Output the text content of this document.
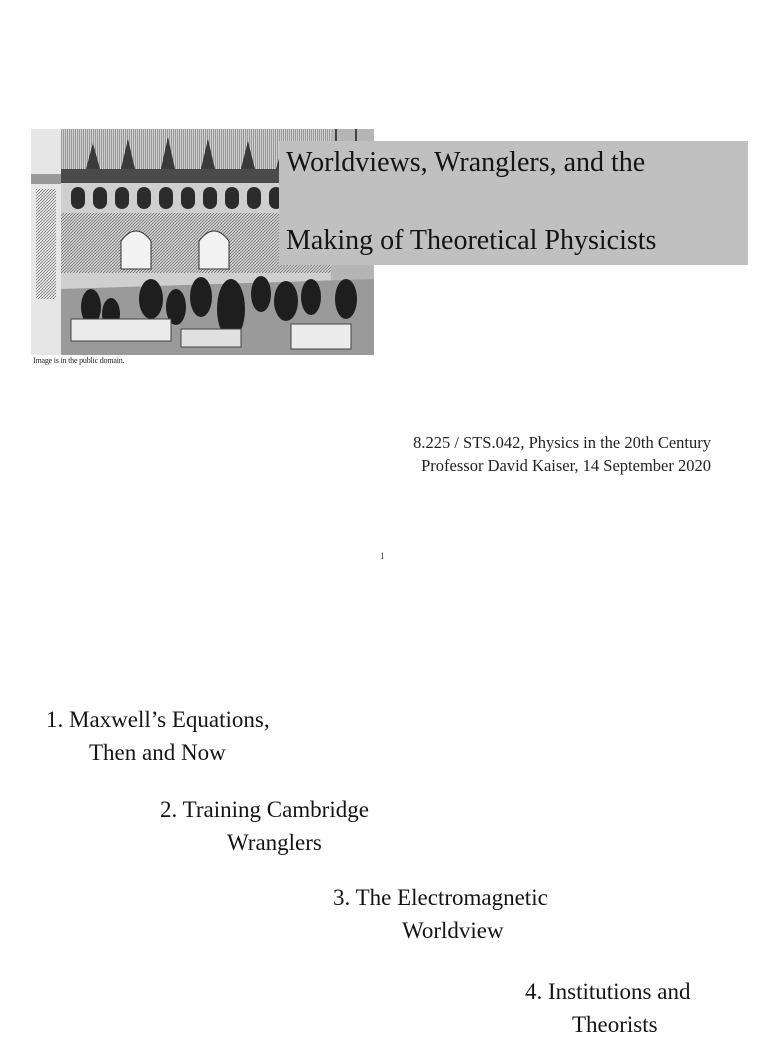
Image is in the public domain.
Worldviews, Wranglers, and the
Making of Theoretical Physicists
8.225 / STS.042, Physics in the 20th Century
Professor David Kaiser, 14 September 2020
1
1. Maxwell’s Equations,
Then and Now
2. Training Cambridge
Wranglers
3. The Electromagnetic
Worldview
4. Institutions and
Theorists
